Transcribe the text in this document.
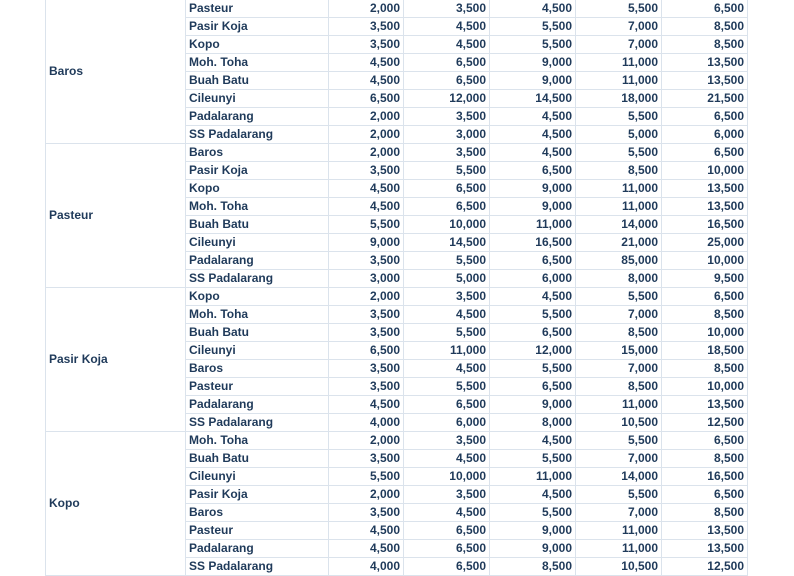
Baros	Pasteur	2,000	3,500	4,500	5,500	6,500
	Pasir Koja	3,500	4,500	5,500	7,000	8,500
	Kopo	3,500	4,500	5,500	7,000	8,500
	Moh. Toha	4,500	6,500	9,000	11,000	13,500
	Buah Batu	4,500	6,500	9,000	11,000	13,500
	Cileunyi	6,500	12,000	14,500	18,000	21,500
	Padalarang	2,000	3,500	4,500	5,500	6,500
	SS Padalarang	2,000	3,000	4,500	5,000	6,000
Pasteur	Baros	2,000	3,500	4,500	5,500	6,500
	Pasir Koja	3,500	5,500	6,500	8,500	10,000
	Kopo	4,500	6,500	9,000	11,000	13,500
	Moh. Toha	4,500	6,500	9,000	11,000	13,500
	Buah Batu	5,500	10,000	11,000	14,000	16,500
	Cileunyi	9,000	14,500	16,500	21,000	25,000
	Padalarang	3,500	5,500	6,500	85,000	10,000
	SS Padalarang	3,000	5,000	6,000	8,000	9,500
Pasir Koja	Kopo	2,000	3,500	4,500	5,500	6,500
	Moh. Toha	3,500	4,500	5,500	7,000	8,500
	Buah Batu	3,500	5,500	6,500	8,500	10,000
	Cileunyi	6,500	11,000	12,000	15,000	18,500
	Baros	3,500	4,500	5,500	7,000	8,500
	Pasteur	3,500	5,500	6,500	8,500	10,000
	Padalarang	4,500	6,500	9,000	11,000	13,500
	SS Padalarang	4,000	6,000	8,000	10,500	12,500
Kopo	Moh. Toha	2,000	3,500	4,500	5,500	6,500
	Buah Batu	3,500	4,500	5,500	7,000	8,500
	Cileunyi	5,500	10,000	11,000	14,000	16,500
	Pasir Koja	2,000	3,500	4,500	5,500	6,500
	Baros	3,500	4,500	5,500	7,000	8,500
	Pasteur	4,500	6,500	9,000	11,000	13,500
	Padalarang	4,500	6,500	9,000	11,000	13,500
	SS Padalarang	4,000	6,500	8,500	10,500	12,500
